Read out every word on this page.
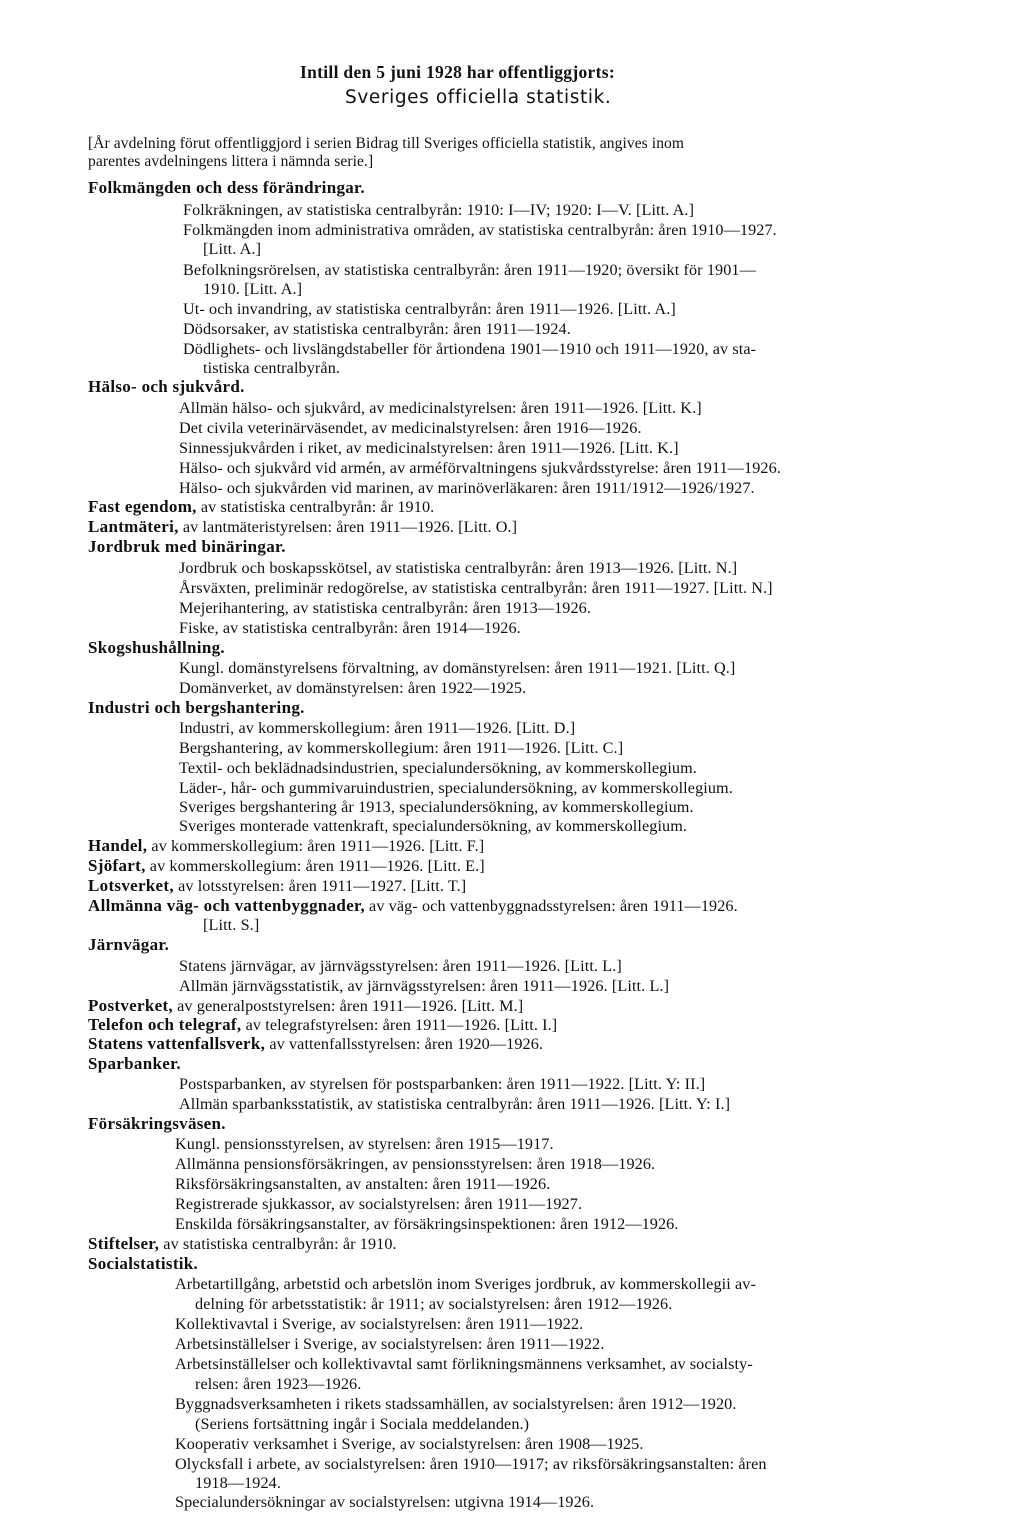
Intill den 5 juni 1928 har offentliggjorts:
Sveriges officiella statistik.
[År avdelning förut offentliggjord i serien Bidrag till Sveriges officiella statistik, angives inom
parentes avdelningens littera i nämnda serie.]
Folkmängden och dess förändringar.
Folkräkningen, av statistiska centralbyrån: 1910: I—IV; 1920: I—V. [Litt. A.]
Folkmängden inom administrativa områden, av statistiska centralbyrån: åren 1910—1927.
[Litt. A.]
Befolkningsrörelsen, av statistiska centralbyrån: åren 1911—1920; översikt för 1901—
1910. [Litt. A.]
Ut- och invandring, av statistiska centralbyrån: åren 1911—1926. [Litt. A.]
Dödsorsaker, av statistiska centralbyrån: åren 1911—1924.
Dödlighets- och livslängdstabeller för årtiondena 1901—1910 och 1911—1920, av sta-
tistiska centralbyrån.
Hälso- och sjukvård.
Allmän hälso- och sjukvård, av medicinalstyrelsen: åren 1911—1926. [Litt. K.]
Det civila veterinärväsendet, av medicinalstyrelsen: åren 1916—1926.
Sinnessjukvården i riket, av medicinalstyrelsen: åren 1911—1926. [Litt. K.]
Hälso- och sjukvård vid armén, av arméförvaltningens sjukvårdsstyrelse: åren 1911—1926.
Hälso- och sjukvården vid marinen, av marinöverläkaren: åren 1911/1912—1926/1927.
Fast egendom, av statistiska centralbyrån: år 1910.
Lantmäteri, av lantmäteristyrelsen: åren 1911—1926. [Litt. O.]
Jordbruk med binäringar.
Jordbruk och boskapsskötsel, av statistiska centralbyrån: åren 1913—1926. [Litt. N.]
Årsväxten, preliminär redogörelse, av statistiska centralbyrån: åren 1911—1927. [Litt. N.]
Mejerihantering, av statistiska centralbyrån: åren 1913—1926.
Fiske, av statistiska centralbyrån: åren 1914—1926.
Skogshushållning.
Kungl. domänstyrelsens förvaltning, av domänstyrelsen: åren 1911—1921. [Litt. Q.]
Domänverket, av domänstyrelsen: åren 1922—1925.
Industri och bergshantering.
Industri, av kommerskollegium: åren 1911—1926. [Litt. D.]
Bergshantering, av kommerskollegium: åren 1911—1926. [Litt. C.]
Textil- och beklädnadsindustrien, specialundersökning, av kommerskollegium.
Läder-, hår- och gummivaruindustrien, specialundersökning, av kommerskollegium.
Sveriges bergshantering år 1913, specialundersökning, av kommerskollegium.
Sveriges monterade vattenkraft, specialundersökning, av kommerskollegium.
Handel, av kommerskollegium: åren 1911—1926. [Litt. F.]
Sjöfart, av kommerskollegium: åren 1911—1926. [Litt. E.]
Lotsverket, av lotsstyrelsen: åren 1911—1927. [Litt. T.]
Allmänna väg- och vattenbyggnader, av väg- och vattenbyggnadsstyrelsen: åren 1911—1926.
[Litt. S.]
Järnvägar.
Statens järnvägar, av järnvägsstyrelsen: åren 1911—1926. [Litt. L.]
Allmän järnvägsstatistik, av järnvägsstyrelsen: åren 1911—1926. [Litt. L.]
Postverket, av generalpoststyrelsen: åren 1911—1926. [Litt. M.]
Telefon och telegraf, av telegrafstyrelsen: åren 1911—1926. [Litt. I.]
Statens vattenfallsverk, av vattenfallsstyrelsen: åren 1920—1926.
Sparbanker.
Postsparbanken, av styrelsen för postsparbanken: åren 1911—1922. [Litt. Y: II.]
Allmän sparbanksstatistik, av statistiska centralbyrån: åren 1911—1926. [Litt. Y: I.]
Försäkringsväsen.
Kungl. pensionsstyrelsen, av styrelsen: åren 1915—1917.
Allmänna pensionsförsäkringen, av pensionsstyrelsen: åren 1918—1926.
Riksförsäkringsanstalten, av anstalten: åren 1911—1926.
Registrerade sjukkassor, av socialstyrelsen: åren 1911—1927.
Enskilda försäkringsanstalter, av försäkringsinspektionen: åren 1912—1926.
Stiftelser, av statistiska centralbyrån: år 1910.
Socialstatistik.
Arbetartillgång, arbetstid och arbetslön inom Sveriges jordbruk, av kommerskollegii av-
delning för arbetsstatistik: år 1911; av socialstyrelsen: åren 1912—1926.
Kollektivavtal i Sverige, av socialstyrelsen: åren 1911—1922.
Arbetsinställelser i Sverige, av socialstyrelsen: åren 1911—1922.
Arbetsinställelser och kollektivavtal samt förlikningsmännens verksamhet, av socialsty-
relsen: åren 1923—1926.
Byggnadsverksamheten i rikets stadssamhällen, av socialstyrelsen: åren 1912—1920.
(Seriens fortsättning ingår i Sociala meddelanden.)
Kooperativ verksamhet i Sverige, av socialstyrelsen: åren 1908—1925.
Olycksfall i arbete, av socialstyrelsen: åren 1910—1917; av riksförsäkringsanstalten: åren
1918—1924.
Specialundersökningar av socialstyrelsen: utgivna 1914—1926.
